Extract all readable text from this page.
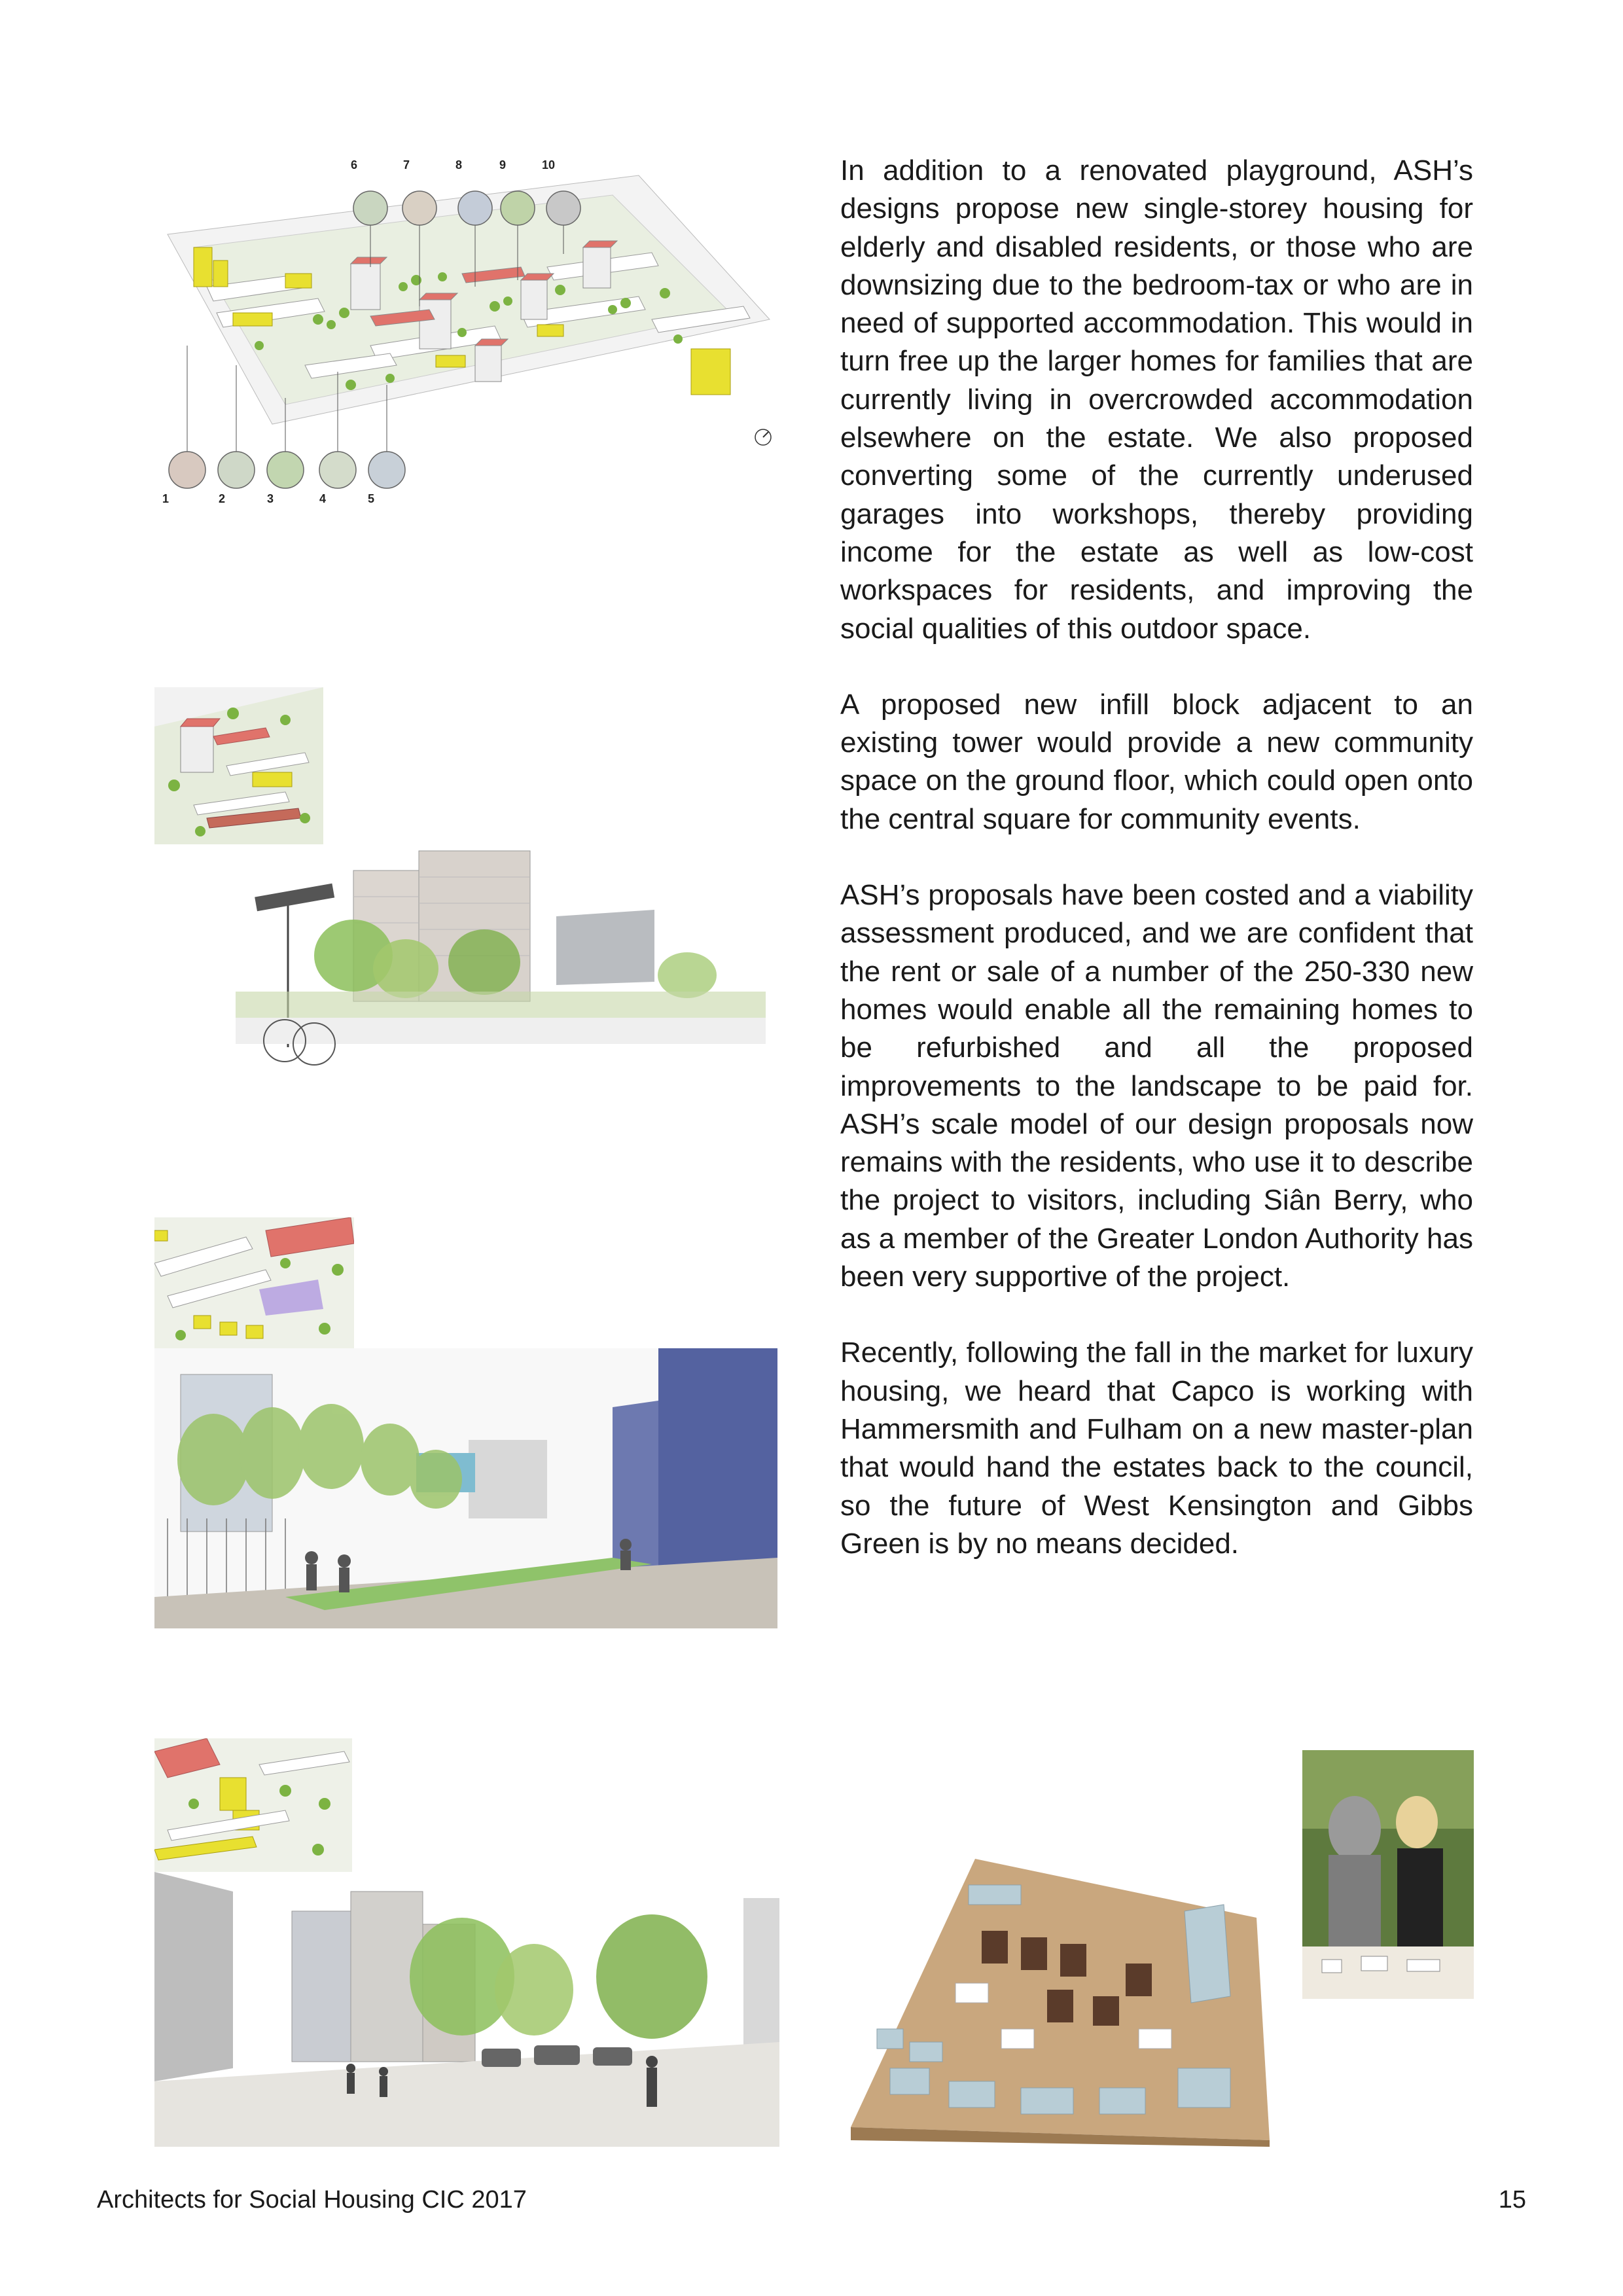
In addition to a renovated playground, ASH’s designs propose new single-storey housing for elderly and disabled residents, or those who are downsizing due to the bedroom-tax or who are in need of supported accommodation. This would in turn free up the larger homes for families that are currently living in overcrowded accommodation elsewhere on the estate. We also proposed converting some of the currently underused garages into workshops, thereby providing income for the estate as well as low-cost workspaces for residents, and improving the social qualities of this outdoor space.

A proposed new infill block adjacent to an existing tower would provide a new community space on the ground floor, which could open onto the central square for community events.

ASH’s proposals have been costed and a viability assessment produced, and we are confident that the rent or sale of a number of the 250-330 new homes would enable all the remaining homes to be refurbished and all the proposed improvements to the landscape to be paid for. ASH’s scale model of our design proposals now remains with the residents, who use it to describe the project to visitors, including Siân Berry, who as a member of the Greater London Authority has been very supportive of the project.

Recently, following the fall in the market for luxury housing, we heard that Capco is working with Hammersmith and Fulham on a new master-plan that would hand the estates back to the council, so the future of West Kensington and Gibbs Green is by no means decided.

6	7	8	9	10
1	2	3	4	5
Architects for Social Housing CIC 2017	15
